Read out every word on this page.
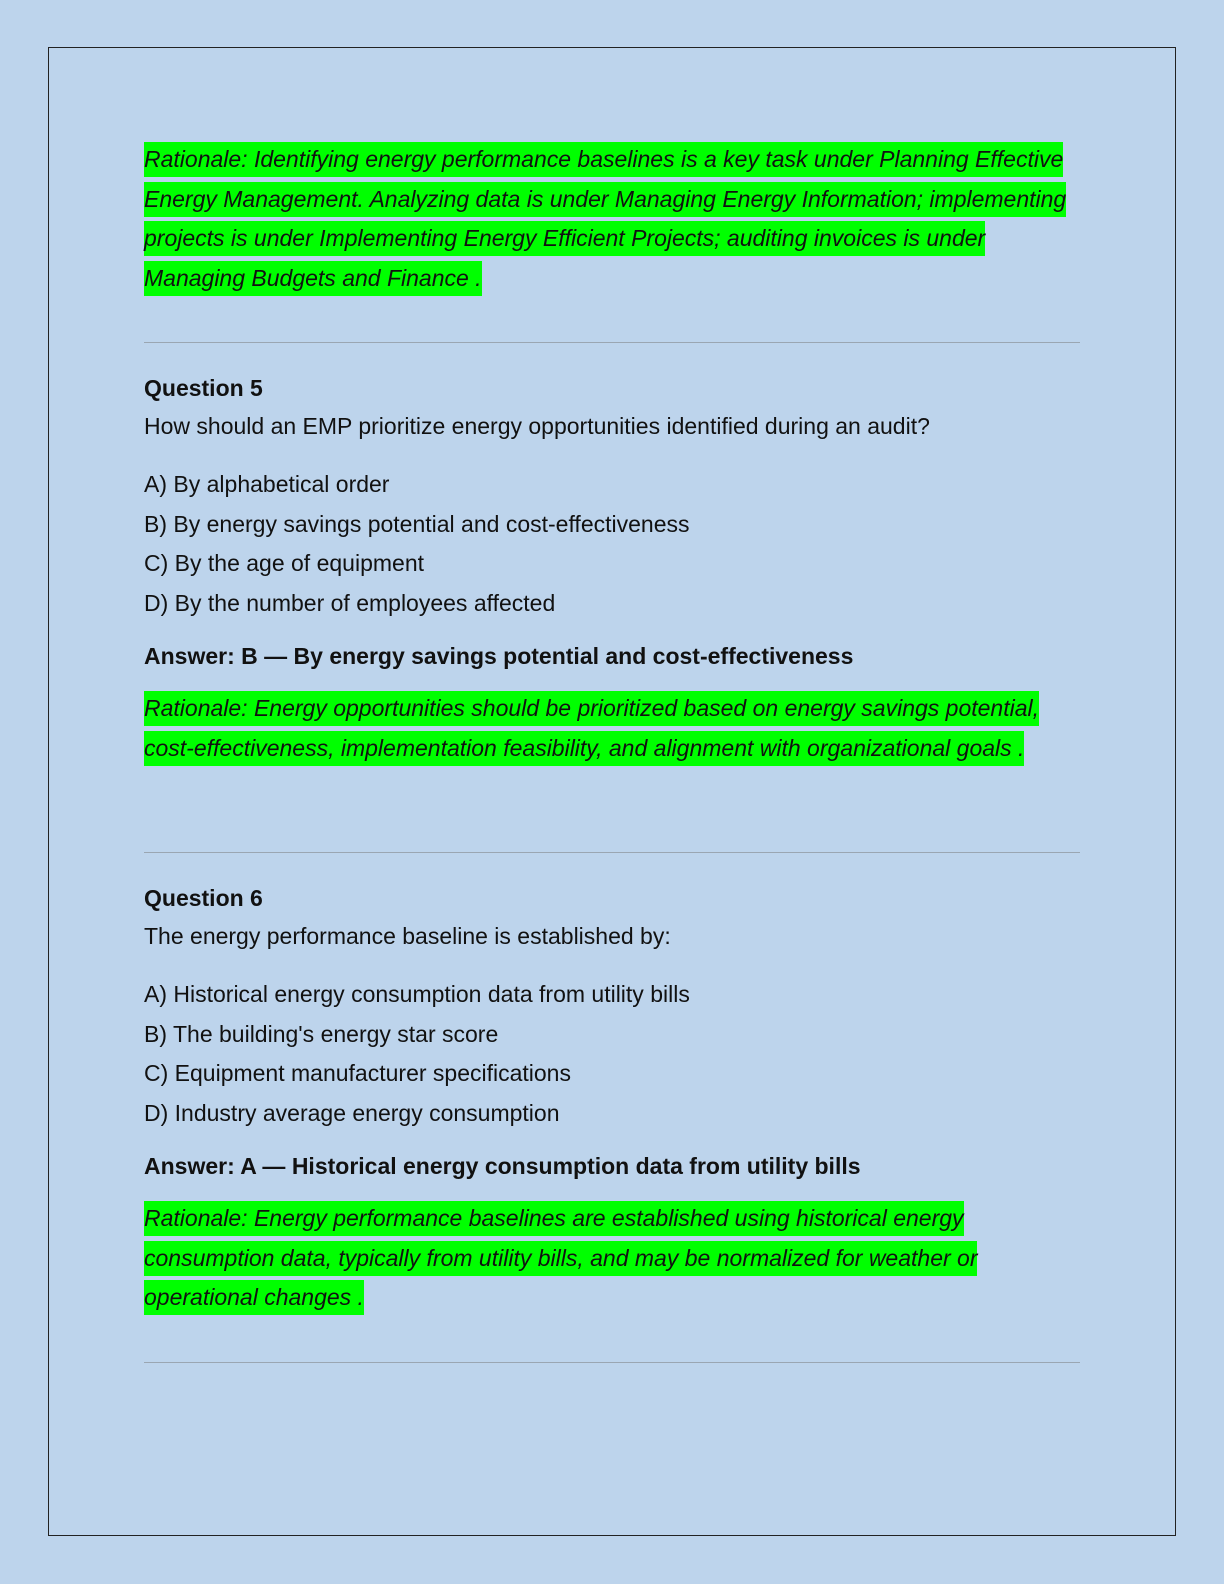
Rationale: Identifying energy performance baselines is a key task under Planning Effective Energy Management. Analyzing data is under Managing Energy Information; implementing projects is under Implementing Energy Efficient Projects; auditing invoices is under Managing Budgets and Finance .

Question 5

How should an EMP prioritize energy opportunities identified during an audit?

A) By alphabetical order
B) By energy savings potential and cost-effectiveness
C) By the age of equipment
D) By the number of employees affected

Answer: B — By energy savings potential and cost-effectiveness

Rationale: Energy opportunities should be prioritized based on energy savings potential, cost-effectiveness, implementation feasibility, and alignment with organizational goals .

Question 6

The energy performance baseline is established by:

A) Historical energy consumption data from utility bills
B) The building's energy star score
C) Equipment manufacturer specifications
D) Industry average energy consumption

Answer: A — Historical energy consumption data from utility bills

Rationale: Energy performance baselines are established using historical energy consumption data, typically from utility bills, and may be normalized for weather or operational changes .
